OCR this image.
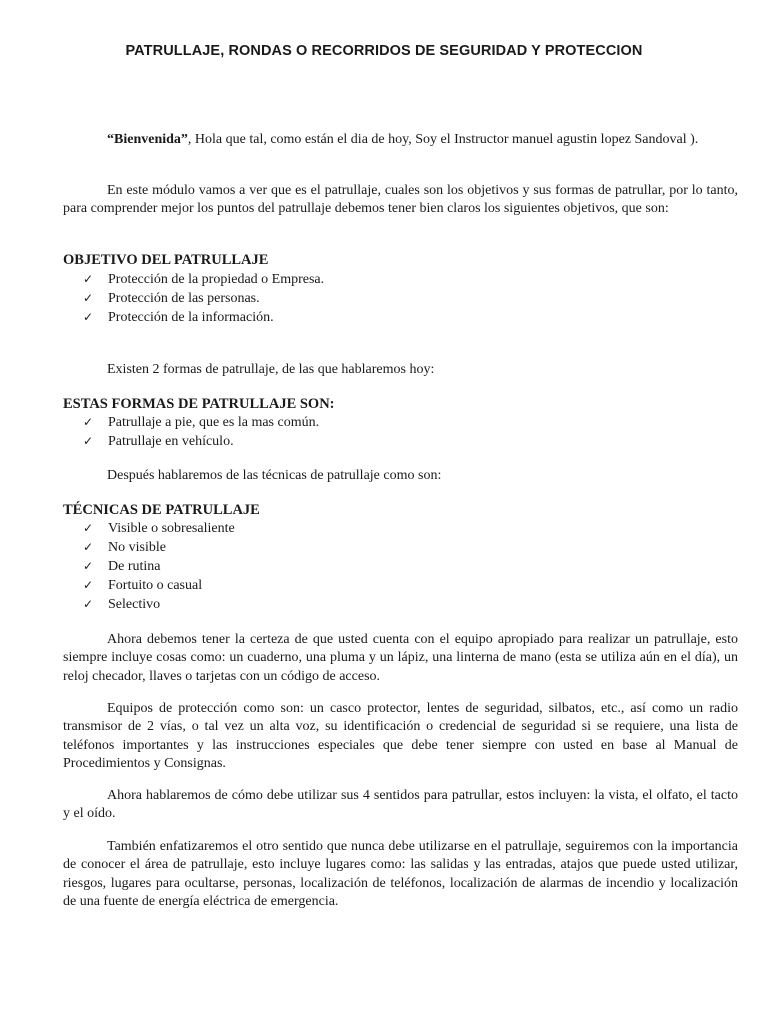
PATRULLAJE, RONDAS O RECORRIDOS DE SEGURIDAD Y PROTECCION

“Bienvenida”, Hola que tal, como están el dia de hoy, Soy el Instructor manuel agustin lopez Sandoval ).

En este módulo vamos a ver que es el patrullaje, cuales son los objetivos y sus formas de patrullar, por lo tanto, para comprender mejor los puntos del patrullaje debemos tener bien claros los siguientes objetivos, que son:

OBJETIVO DEL PATRULLAJE
✓ Protección de la propiedad o Empresa.
✓ Protección de las personas.
✓ Protección de la información.
Existen 2 formas de patrullaje, de las que hablaremos hoy:
ESTAS FORMAS DE PATRULLAJE SON:
✓ Patrullaje a pie, que es la mas común.
✓ Patrullaje en vehículo.
Después hablaremos de las técnicas de patrullaje como son:
TÉCNICAS DE PATRULLAJE
✓ Visible o sobresaliente
✓ No visible
✓ De rutina
✓ Fortuito o casual
✓ Selectivo

Ahora debemos tener la certeza de que usted cuenta con el equipo apropiado para realizar un patrullaje, esto siempre incluye cosas como: un cuaderno, una pluma y un lápiz, una linterna de mano (esta se utiliza aún en el día), un reloj checador, llaves o tarjetas con un código de acceso.

Equipos de protección como son: un casco protector, lentes de seguridad, silbatos, etc., así como un radio transmisor de 2 vías, o tal vez un alta voz, su identificación o credencial de seguridad si se requiere, una lista de teléfonos importantes y las instrucciones especiales que debe tener siempre con usted en base al Manual de Procedimientos y Consignas.

Ahora hablaremos de cómo debe utilizar sus 4 sentidos para patrullar, estos incluyen: la vista, el olfato, el tacto y el oído.

También enfatizaremos el otro sentido que nunca debe utilizarse en el patrullaje, seguiremos con la importancia de conocer el área de patrullaje, esto incluye lugares como: las salidas y las entradas, atajos que puede usted utilizar, riesgos, lugares para ocultarse, personas, localización de teléfonos, localización de alarmas de incendio y localización de una fuente de energía eléctrica de emergencia.
